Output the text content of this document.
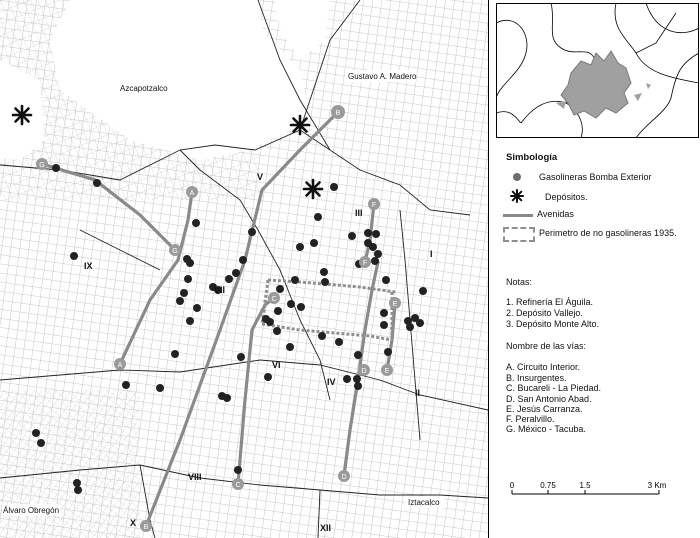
A
A
B
B
C
C
D
D	E
E
F
F
G
G
Azcapotzalco
Gustavo A. Madero
Álvaro Obregón
Iztacalco
I
II
III
IV
V
VI
VII
VIII
IX
X	XII
Simbología
Gasolineras Bomba Exterior
Depósitos.
Avenidas
Perimetro de no gasolineras 1935.
Notas:
1. Refinería El Águila.
2. Depósito Vallejo.
3. Depósito Monte Alto.
Nombre de las vías:
A. Circuito Interior.
B. Insurgentes.
C. Bucareli - La Piedad.
D. San Antonio Abad.
E. Jesús Carranza.
F. Peralvillo.
G. México - Tacuba.
0	0.75	1.5	3 Km
